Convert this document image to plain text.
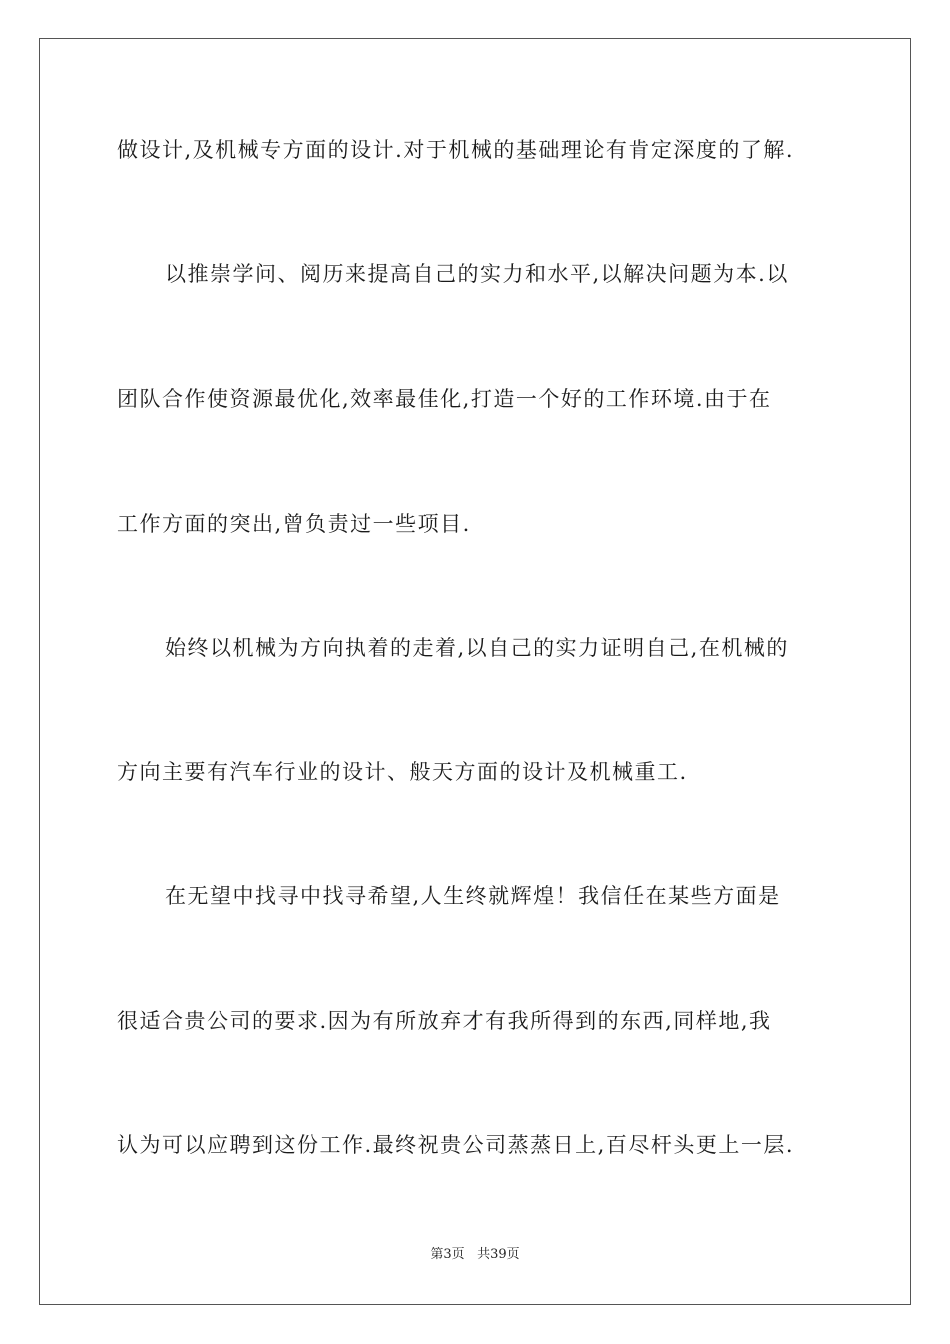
做设计,及机械专方面的设计.对于机械的基础理论有肯定深度的了解.
以推崇学问、阅历来提高自己的实力和水平,以解决问题为本.以
团队合作使资源最优化,效率最佳化,打造一个好的工作环境.由于在
工作方面的突出,曾负责过一些项目.
始终以机械为方向执着的走着,以自己的实力证明自己,在机械的
方向主要有汽车行业的设计、般天方面的设计及机械重工.
在无望中找寻中找寻希望,人生终就辉煌！我信任在某些方面是
很适合贵公司的要求.因为有所放弃才有我所得到的东西,同样地,我
认为可以应聘到这份工作.最终祝贵公司蒸蒸日上,百尽杆头更上一层.
第3页 共39页
